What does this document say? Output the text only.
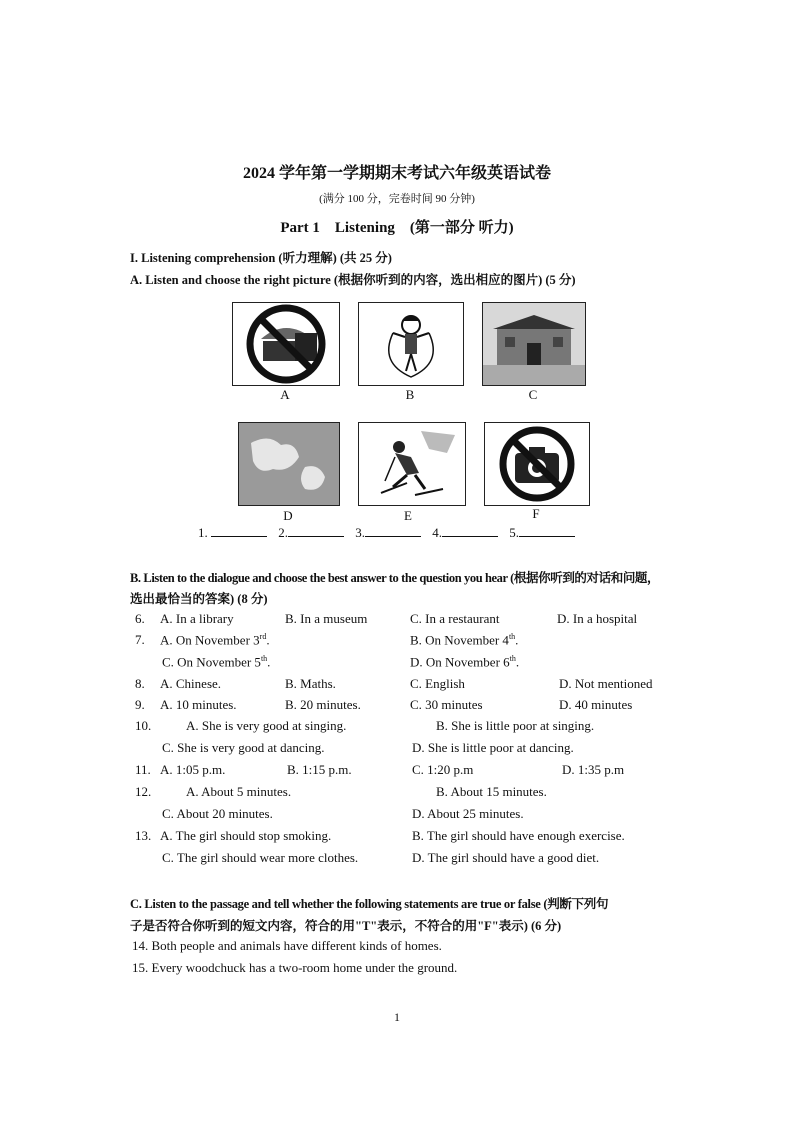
2024 学年第一学期期末考试六年级英语试卷
(满分 100 分，完卷时间 90 分钟)
Part 1　Listening　(第一部分 听力)
I. Listening comprehension (听力理解) (共 25 分)
A. Listen and choose the right picture (根据你听到的内容，选出相应的图片) (5 分)
A	B	C
D	E	F
1.	2.	3.	4.	5.
B. Listen to the dialogue and choose the best answer to the question you hear (根据你听到的对话和问题，
选出最恰当的答案) (8 分)
6. A. In a library	B. In a museum	C. In a restaurant	D. In a hospital
7. A. On November 3rd.	B. On November 4th.
C. On November 5th.	D. On November 6th.
8. A. Chinese.	B. Maths.	C. English	D. Not mentioned
9. A. 10 minutes.	B. 20 minutes.	C. 30 minutes	D. 40 minutes
10.	A. She is very good at singing.	B. She is little poor at singing.
C. She is very good at dancing.	D. She is little poor at dancing.
11. A. 1:05 p.m.	B. 1:15 p.m.	C. 1:20 p.m	D. 1:35 p.m
12.	A. About 5 minutes.	B. About 15 minutes.
C. About 20 minutes.	D. About 25 minutes.
13. A. The girl should stop smoking.	B. The girl should have enough exercise.
C. The girl should wear more clothes.	D. The girl should have a good diet.
C. Listen to the passage and tell whether the following statements are true or false (判断下列句
子是否符合你听到的短文内容，符合的用"T"表示，不符合的用"F"表示) (6 分)
14. Both people and animals have different kinds of homes.
15. Every woodchuck has a two-room home under the ground.
1
